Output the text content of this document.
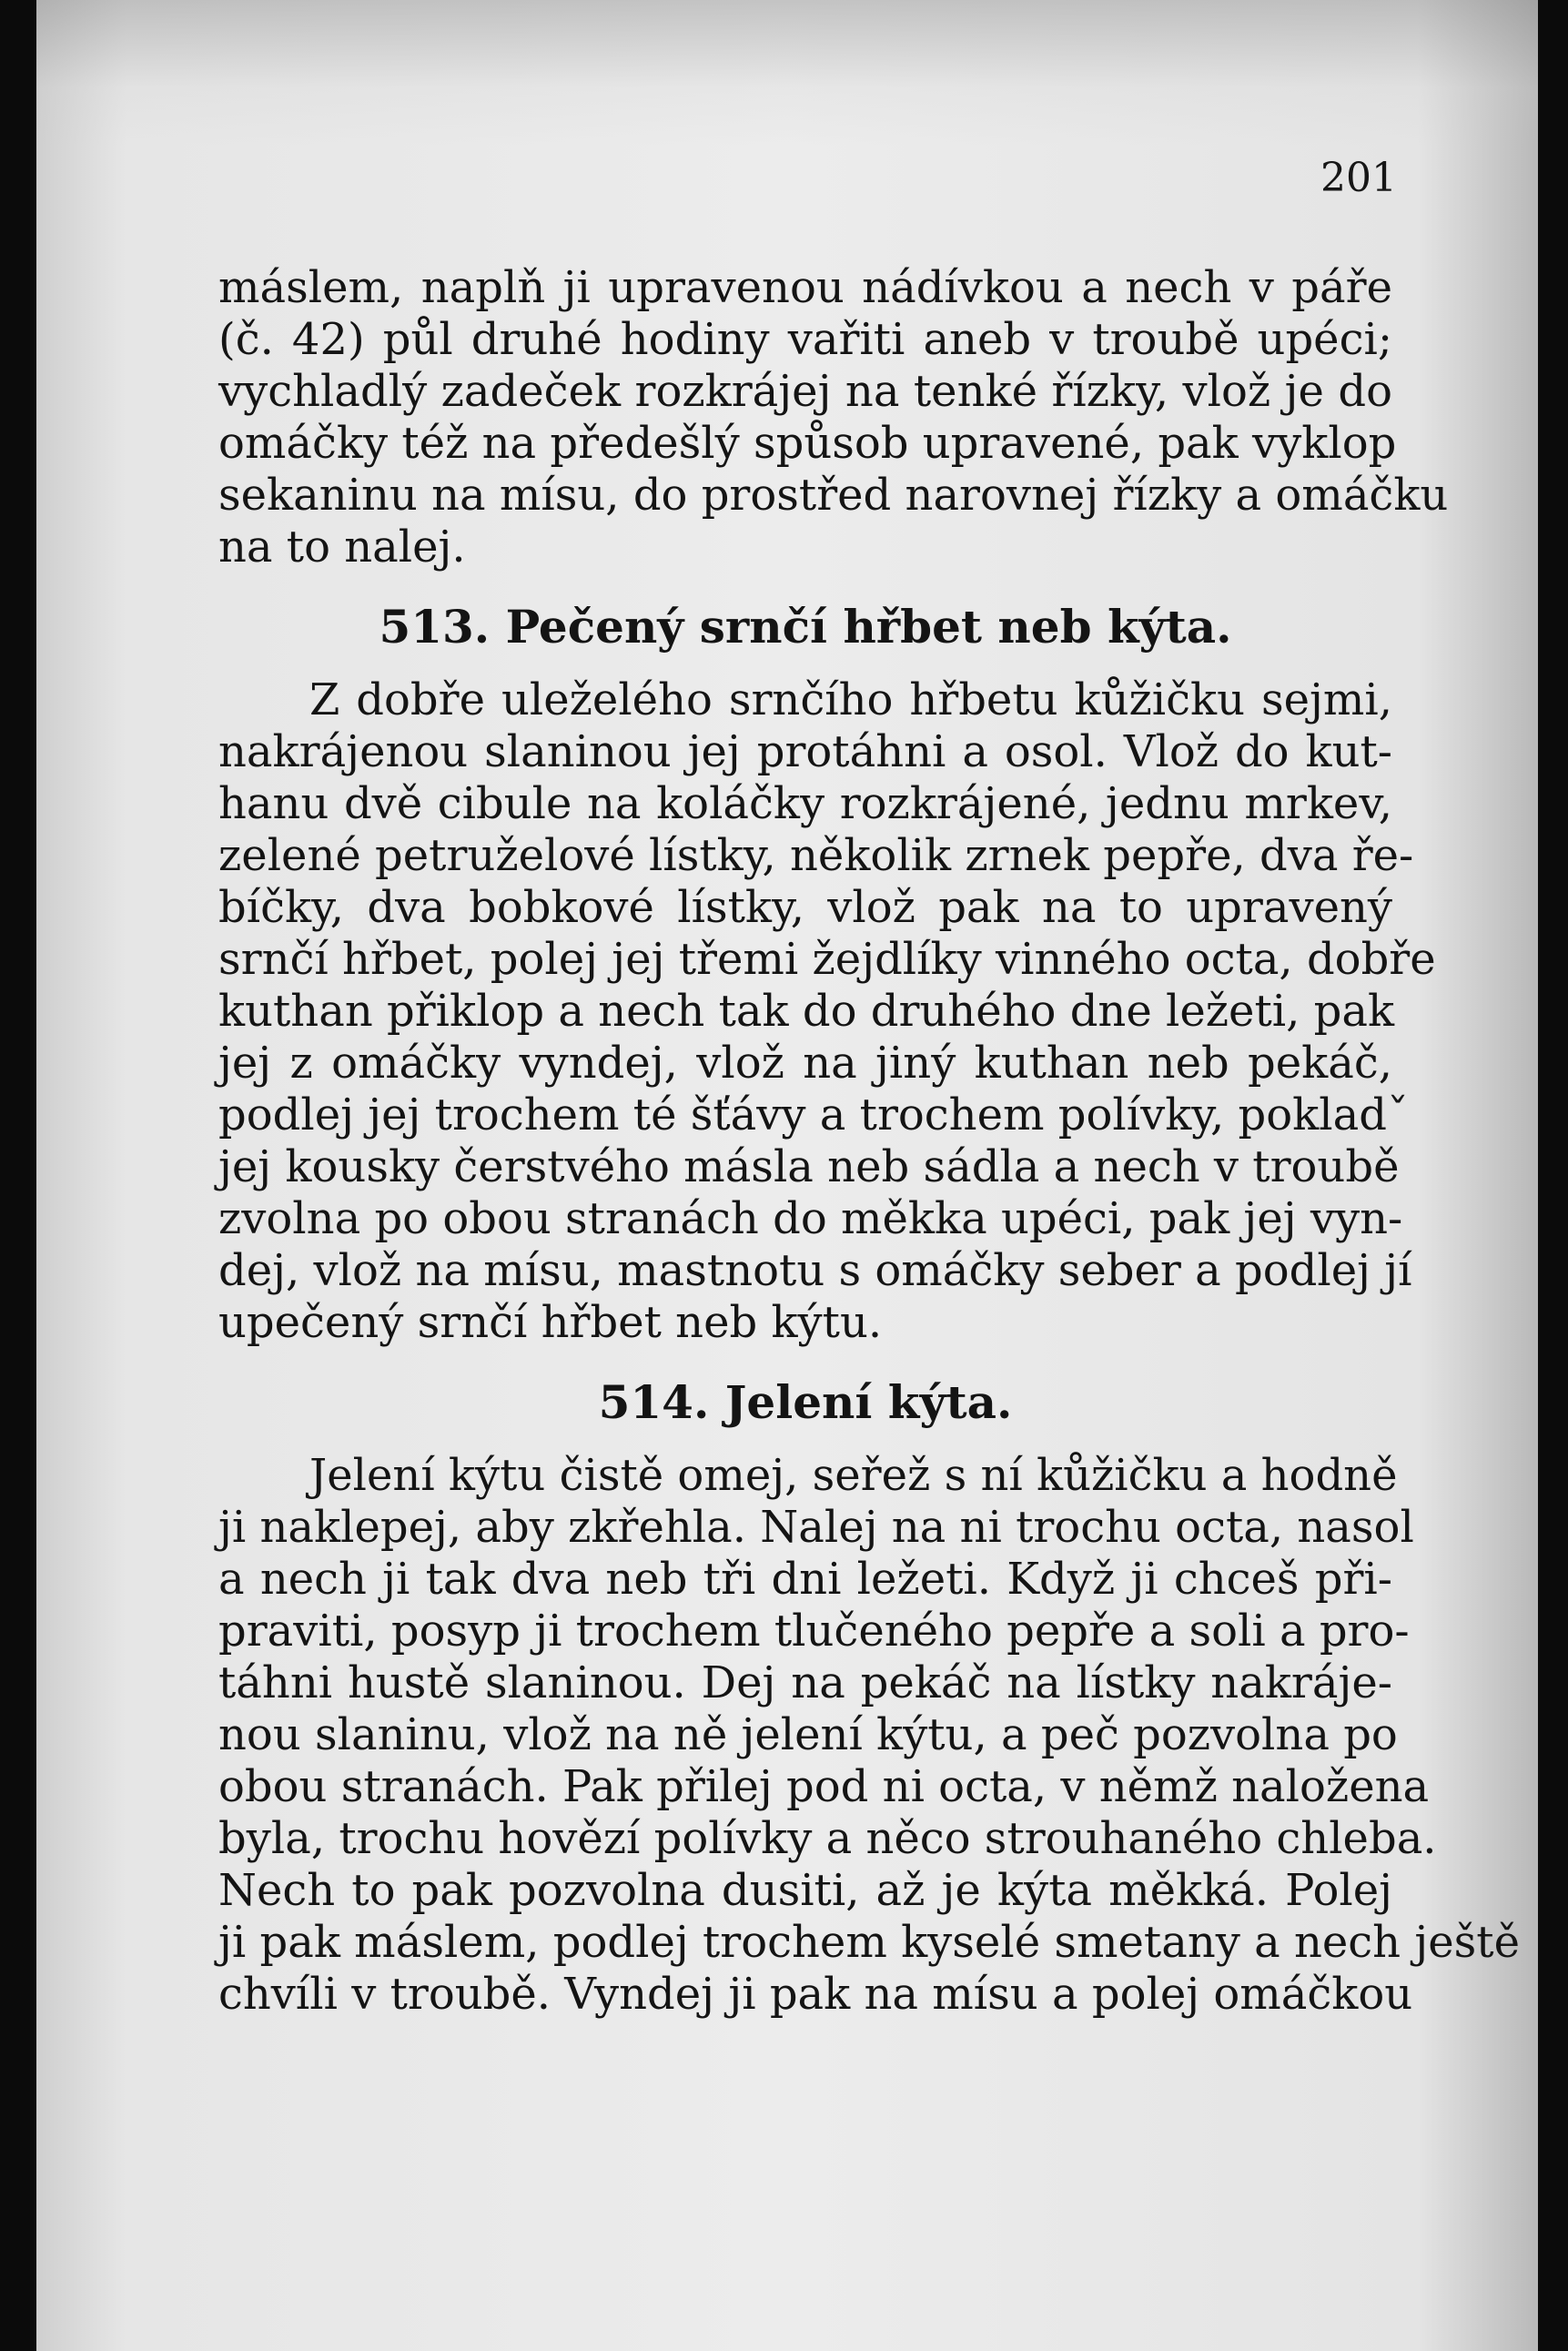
201
máslem, naplň ji upravenou nádívkou a nech v páře
(č. 42) půl druhé hodiny vařiti aneb v troubě upéci;
vychladlý zadeček rozkrájej na tenké řízky, vlož je do
omáčky též na předešlý spůsob upravené, pak vyklop
sekaninu na mísu, do prostřed narovnej řízky a omáčku
na to nalej.
513. Pečený srnčí hřbet neb kýta.
Z dobře uleželého srnčího hřbetu kůžičku sejmi,
nakrájenou slaninou jej protáhni a osol. Vlož do kut-
hanu dvě cibule na koláčky rozkrájené, jednu mrkev,
zelené petruželové lístky, několik zrnek pepře, dva ře-
bíčky, dva bobkové lístky, vlož pak na to upravený
srnčí hřbet, polej jej třemi žejdlíky vinného octa, dobře
kuthan přiklop a nech tak do druhého dne ležeti, pak
jej z omáčky vyndej, vlož na jiný kuthan neb pekáč,
podlej jej trochem té šťávy a trochem polívky, pokladˇ
jej kousky čerstvého másla neb sádla a nech v troubě
zvolna po obou stranách do měkka upéci, pak jej vyn-
dej, vlož na mísu, mastnotu s omáčky seber a podlej jí
upečený srnčí hřbet neb kýtu.
514. Jelení kýta.
Jelení kýtu čistě omej, seřež s ní kůžičku a hodně
ji naklepej, aby zkřehla. Nalej na ni trochu octa, nasol
a nech ji tak dva neb tři dni ležeti. Když ji chceš při-
praviti, posyp ji trochem tlučeného pepře a soli a pro-
táhni hustě slaninou. Dej na pekáč na lístky nakráje-
nou slaninu, vlož na ně jelení kýtu, a peč pozvolna po
obou stranách. Pak přilej pod ni octa, v němž naložena
byla, trochu hovězí polívky a něco strouhaného chleba.
Nech to pak pozvolna dusiti, až je kýta měkká. Polej
ji pak máslem, podlej trochem kyselé smetany a nech ještě
chvíli v troubě. Vyndej ji pak na mísu a polej omáčkou
